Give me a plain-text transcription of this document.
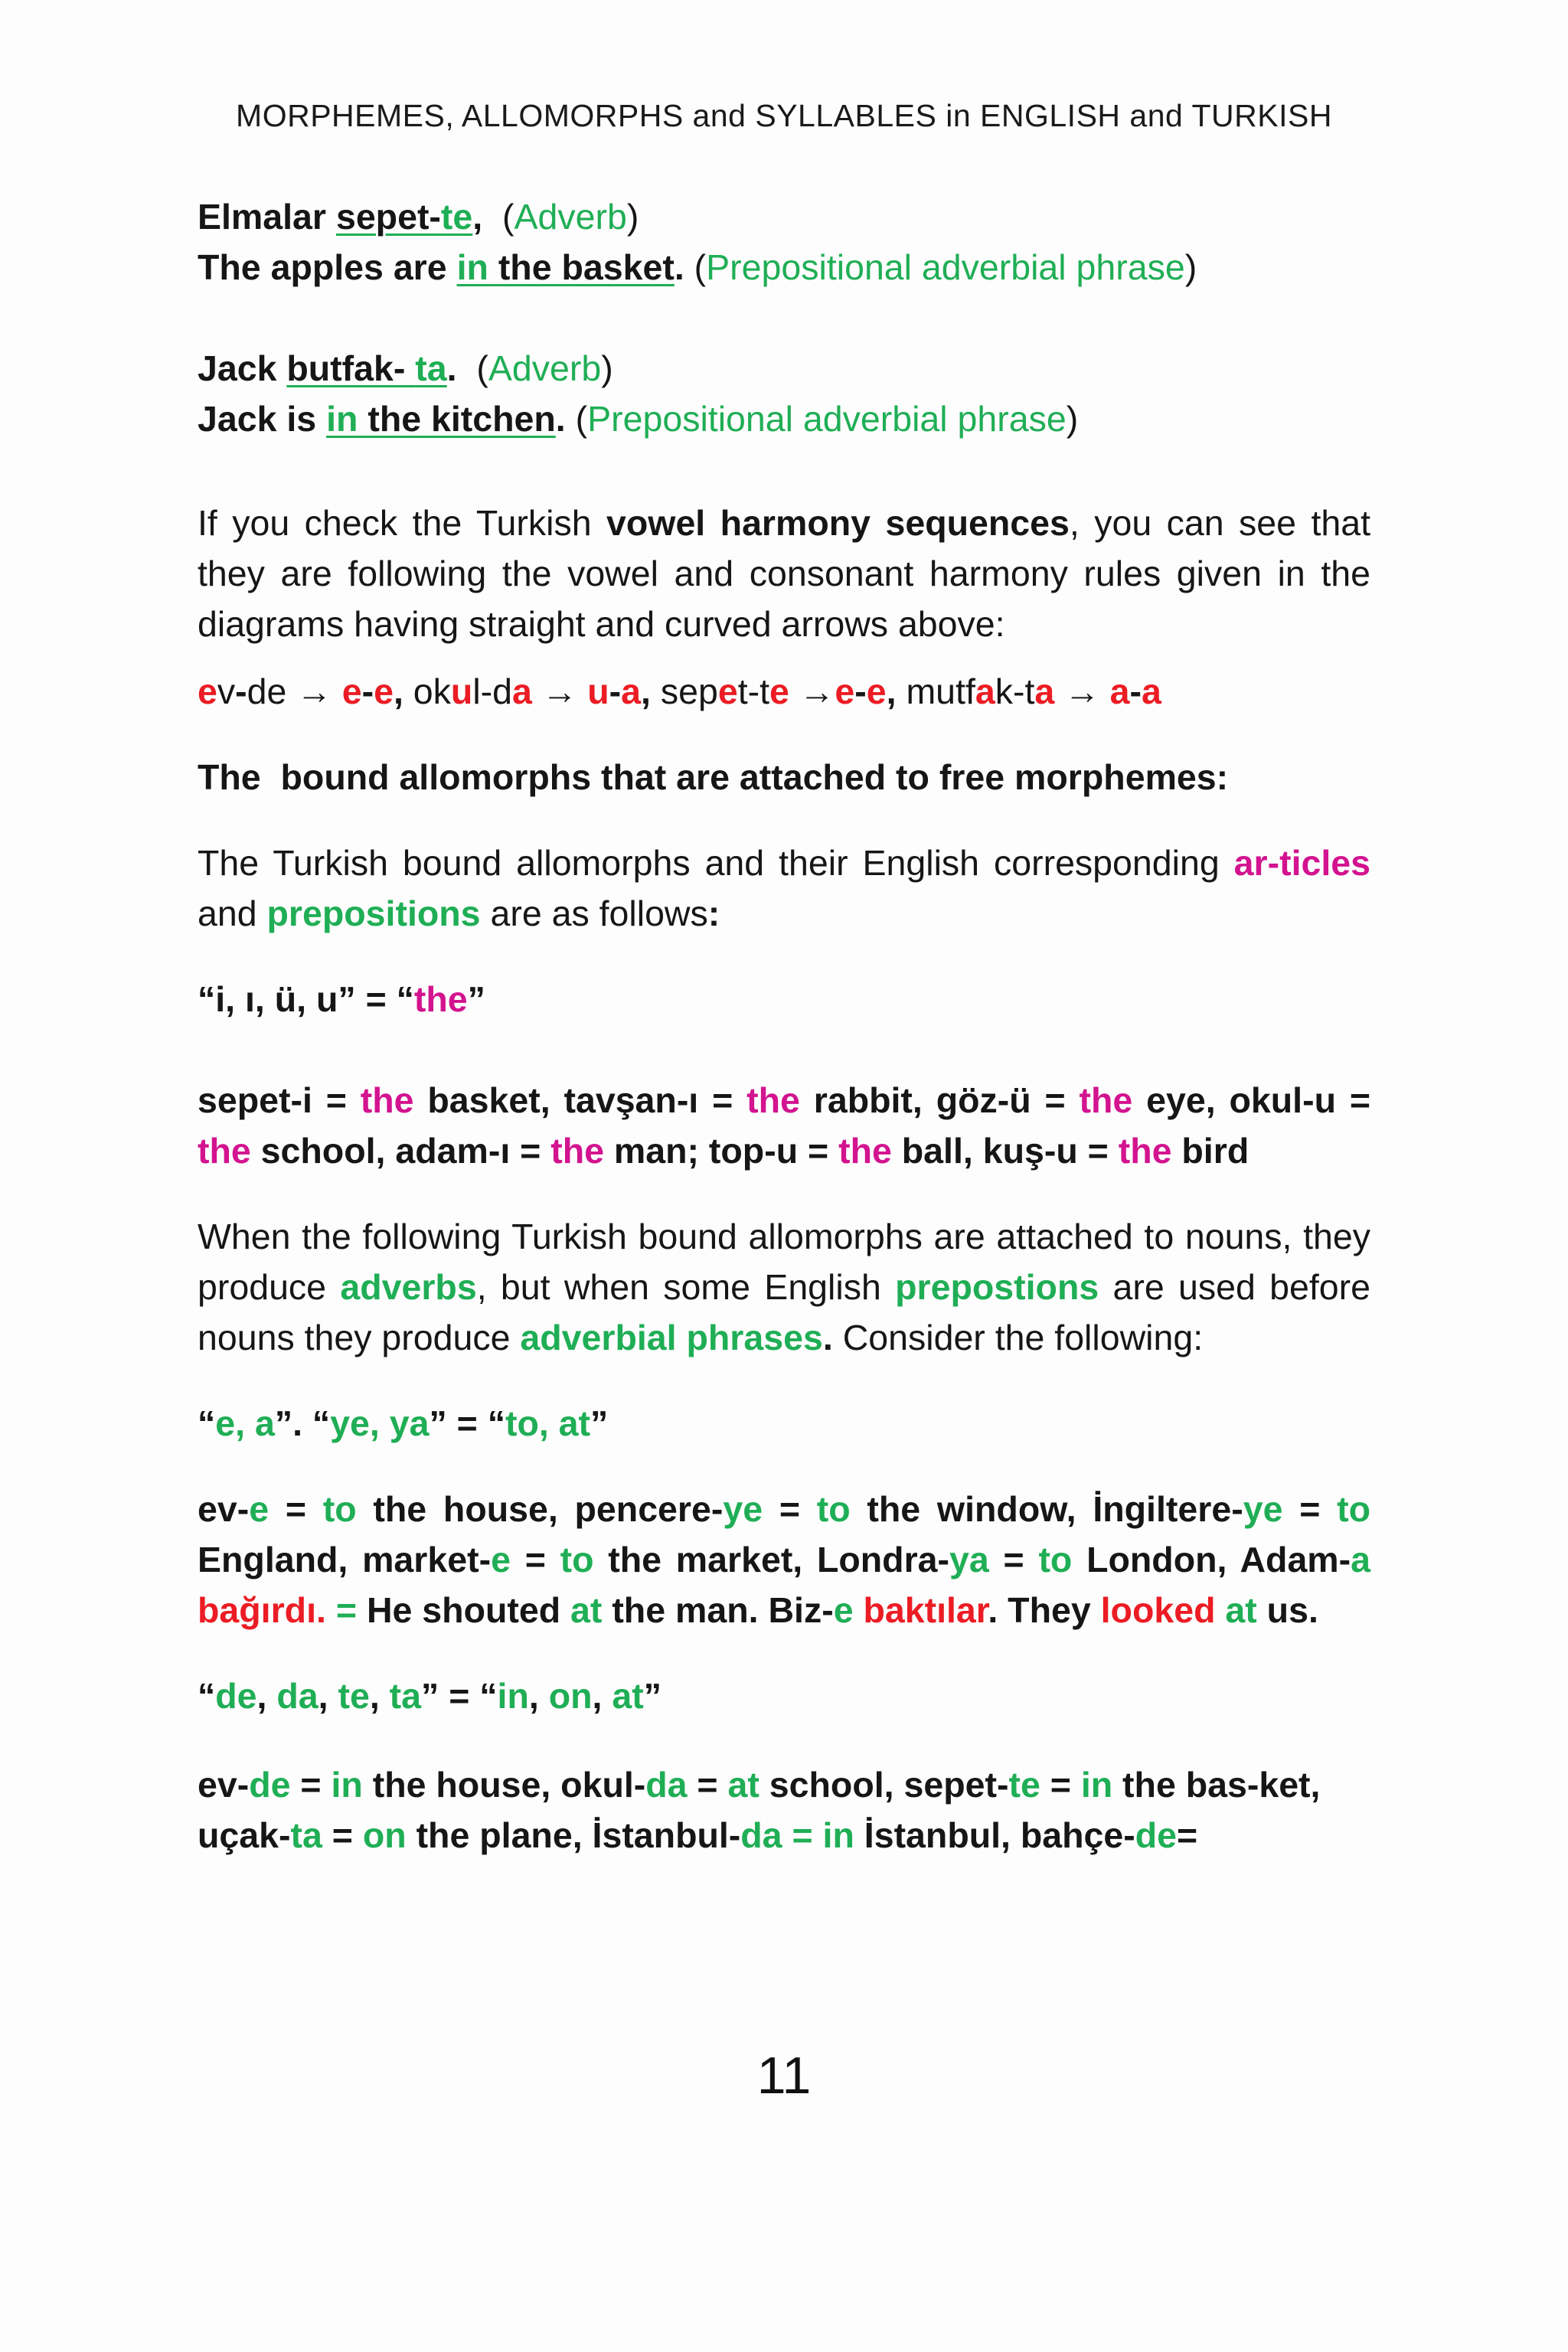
MORPHEMES, ALLOMORPHS and SYLLABLES in ENGLISH and TURKISH

Elmalar sepet-te, (Adverb)

The apples are in the basket. (Prepositional adverbial phrase)

Jack butfak- ta. (Adverb)

Jack is in the kitchen. (Prepositional adverbial phrase)

If you check the Turkish vowel harmony sequences, you can see that they are following the vowel and consonant harmony rules given in the diagrams having straight and curved arrows above:

ev-de → e-e, okul-da → u-a, sepet-te →e-e, mutfak-ta → a-a

The  bound allomorphs that are attached to free morphemes:

The Turkish bound allomorphs and their English corresponding ar-ticles and prepositions are as follows:

“i, ı, ü, u” = “the”

sepet-i = the basket, tavşan-ı = the rabbit, göz-ü = the eye, okul-u = the school, adam-ı = the man; top-u = the ball, kuş-u = the bird

When the following Turkish bound allomorphs are attached to nouns, they produce adverbs, but when some English prepostions are used before nouns they produce adverbial phrases. Consider the following:

“e, a”. “ye, ya” = “to, at”

ev-e = to the house, pencere-ye = to the window, İngiltere-ye = to England, market-e = to the market, Londra-ya = to London, Adam-a bağırdı. = He shouted at the man. Biz-e baktılar. They looked at us.

“de, da, te, ta” = “in, on, at”

ev-de = in the house, okul-da = at school, sepet-te = in the bas-ket, uçak-ta = on the plane, İstanbul-da = in İstanbul, bahçe-de=

11
